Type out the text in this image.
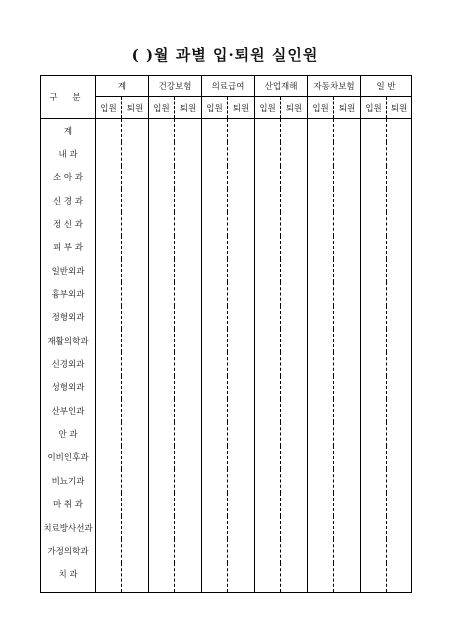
( )월 과별 입·퇴원 실인원
구 분	계		건강보험		의료급여		산업재해		자동차보험		일 반	
	입원	퇴원	입원	퇴원	입원	퇴원	입원	퇴원	입원	퇴원	입원	퇴원
계												
내 과												
소 아 과												
신 경 과												
정 신 과												
피 부 과												
일반외과												
흉부외과												
정형외과												
재활의학과												
신경외과												
성형외과												
산부인과												
안 과												
이비인후과												
비뇨기과												
마 취 과												
치료방사선과												
가정의학과												
치 과												
